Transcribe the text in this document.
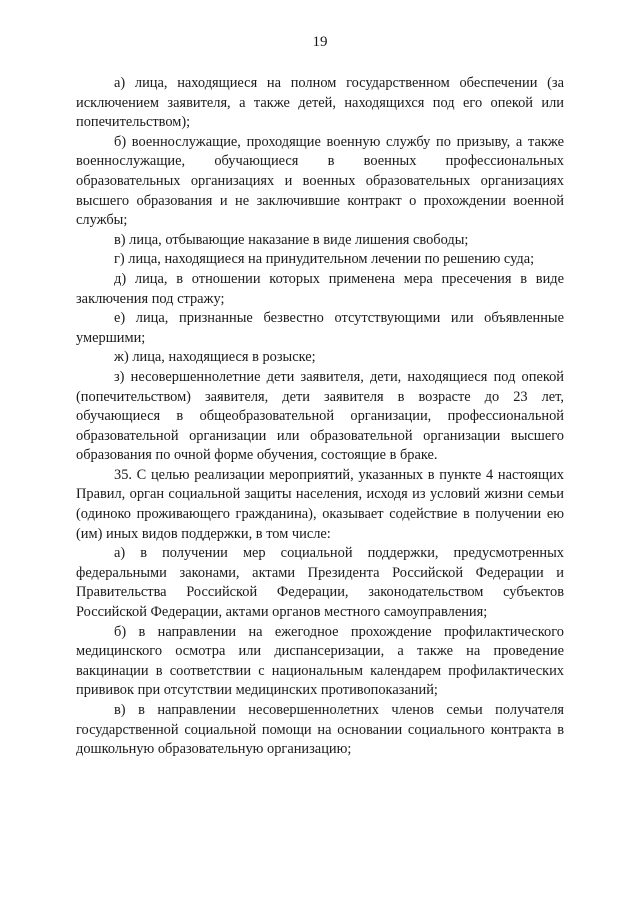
19

а) лица, находящиеся на полном государственном обеспечении (за исключением заявителя, а также детей, находящихся под его опекой или попечительством);

б) военнослужащие, проходящие военную службу по призыву, а также военнослужащие, обучающиеся в военных профессиональных образовательных организациях и военных образовательных организациях высшего образования и не заключившие контракт о прохождении военной службы;

в) лица, отбывающие наказание в виде лишения свободы;

г) лица, находящиеся на принудительном лечении по решению суда;

д) лица, в отношении которых применена мера пресечения в виде заключения под стражу;

е) лица, признанные безвестно отсутствующими или объявленные умершими;

ж) лица, находящиеся в розыске;

з) несовершеннолетние дети заявителя, дети, находящиеся под опекой (попечительством) заявителя, дети заявителя в возрасте до 23 лет, обучающиеся в общеобразовательной организации, профессиональной образовательной организации или образовательной организации высшего образования по очной форме обучения, состоящие в браке.

35. С целью реализации мероприятий, указанных в пункте 4 настоящих Правил, орган социальной защиты населения, исходя из условий жизни семьи (одиноко проживающего гражданина), оказывает содействие в получении ею (им) иных видов поддержки, в том числе:

а) в получении мер социальной поддержки, предусмотренных федеральными законами, актами Президента Российской Федерации и Правительства Российской Федерации, законодательством субъектов Российской Федерации, актами органов местного самоуправления;

б) в направлении на ежегодное прохождение профилактического медицинского осмотра или диспансеризации, а также на проведение вакцинации в соответствии с национальным календарем профилактических прививок при отсутствии медицинских противопоказаний;

в) в направлении несовершеннолетних членов семьи получателя государственной социальной помощи на основании социального контракта в дошкольную образовательную организацию;
